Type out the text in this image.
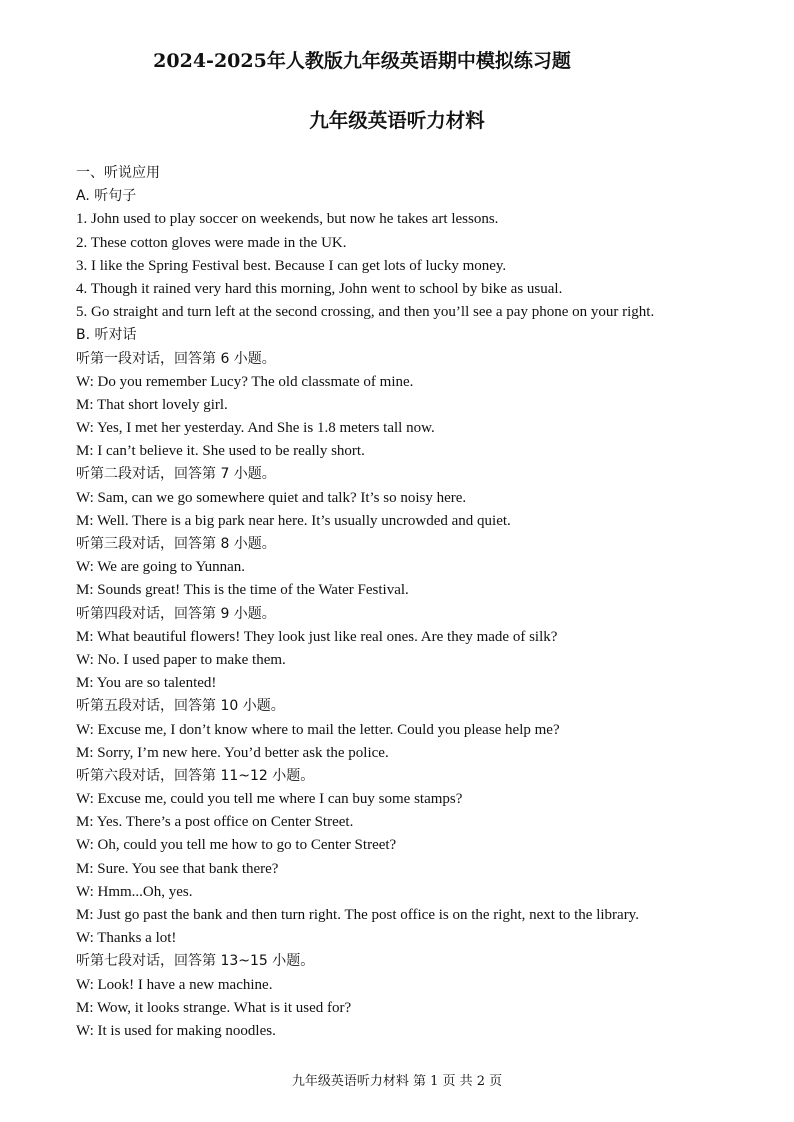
2024-2025年人教版九年级英语期中模拟练习题
九年级英语听力材料
一、听说应用
A. 听句子
1. John used to play soccer on weekends, but now he takes art lessons.
2. These cotton gloves were made in the UK.
3. I like the Spring Festival best. Because I can get lots of lucky money.
4. Though it rained very hard this morning, John went to school by bike as usual.
5. Go straight and turn left at the second crossing, and then you’ll see a pay phone on your right.
B. 听对话
听第一段对话，回答第 6 小题。
W: Do you remember Lucy? The old classmate of mine.
M: That short lovely girl.
W: Yes, I met her yesterday. And She is 1.8 meters tall now.
M: I can’t believe it. She used to be really short.
听第二段对话，回答第 7 小题。
W: Sam, can we go somewhere quiet and talk? It’s so noisy here.
M: Well. There is a big park near here. It’s usually uncrowded and quiet.
听第三段对话，回答第 8 小题。
W: We are going to Yunnan.
M: Sounds great! This is the time of the Water Festival.
听第四段对话，回答第 9 小题。
M: What beautiful flowers! They look just like real ones. Are they made of silk?
W: No. I used paper to make them.
M: You are so talented!
听第五段对话，回答第 10 小题。
W: Excuse me, I don’t know where to mail the letter. Could you please help me?
M: Sorry, I’m new here. You’d better ask the police.
听第六段对话，回答第 11~12 小题。
W: Excuse me, could you tell me where I can buy some stamps?
M: Yes. There’s a post office on Center Street.
W: Oh, could you tell me how to go to Center Street?
M: Sure. You see that bank there?
W: Hmm...Oh, yes.
M: Just go past the bank and then turn right. The post office is on the right, next to the library.
W: Thanks a lot!
听第七段对话，回答第 13~15 小题。
W: Look! I have a new machine.
M: Wow, it looks strange. What is it used for?
W: It is used for making noodles.
九年级英语听力材料 第 1 页 共 2 页
